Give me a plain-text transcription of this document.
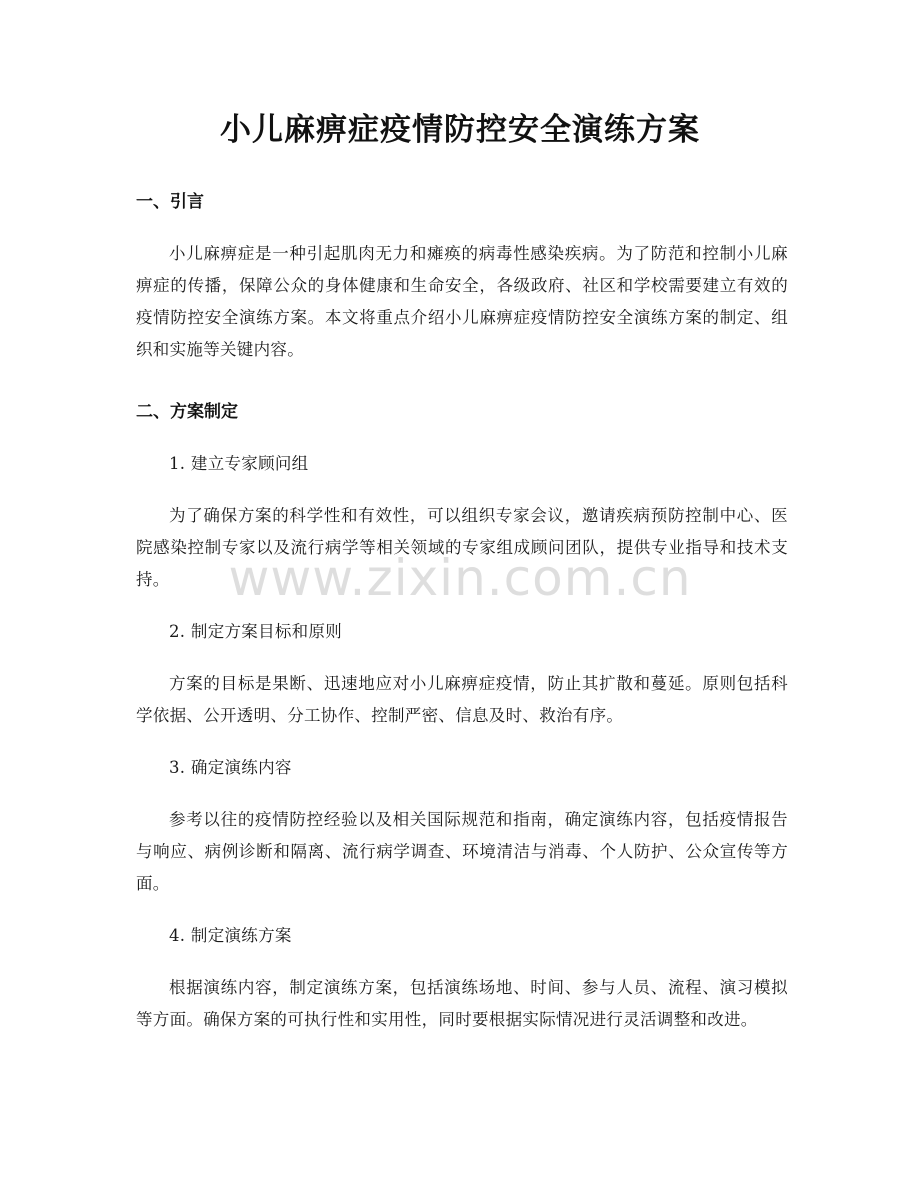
小儿麻痹症疫情防控安全演练方案
一、引言

小儿麻痹症是一种引起肌肉无力和瘫痪的病毒性感染疾病。为了防范和控制小儿麻痹症的传播，保障公众的身体健康和生命安全，各级政府、社区和学校需要建立有效的疫情防控安全演练方案。本文将重点介绍小儿麻痹症疫情防控安全演练方案的制定、组织和实施等关键内容。

二、方案制定

1. 建立专家顾问组

为了确保方案的科学性和有效性，可以组织专家会议，邀请疾病预防控制中心、医院感染控制专家以及流行病学等相关领域的专家组成顾问团队，提供专业指导和技术支持。

2. 制定方案目标和原则

方案的目标是果断、迅速地应对小儿麻痹症疫情，防止其扩散和蔓延。原则包括科学依据、公开透明、分工协作、控制严密、信息及时、救治有序。

3. 确定演练内容

参考以往的疫情防控经验以及相关国际规范和指南，确定演练内容，包括疫情报告与响应、病例诊断和隔离、流行病学调查、环境清洁与消毒、个人防护、公众宣传等方面。

4. 制定演练方案

根据演练内容，制定演练方案，包括演练场地、时间、参与人员、流程、演习模拟等方面。确保方案的可执行性和实用性，同时要根据实际情况进行灵活调整和改进。

www.zixin.com.cn
